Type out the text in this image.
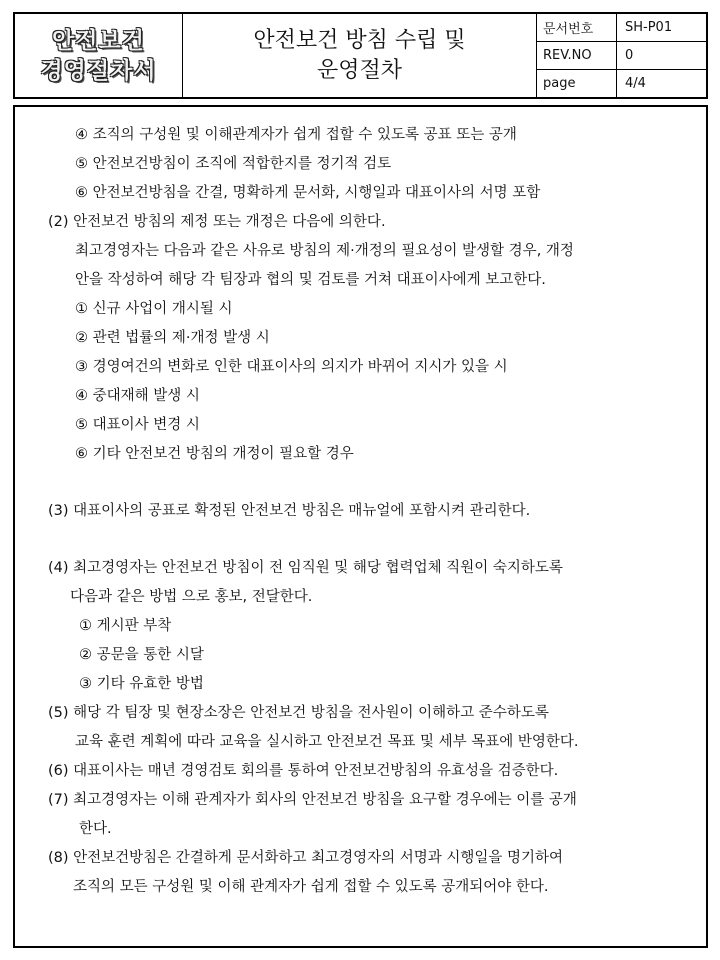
안전보건
경영절차서
안전보건 방침 수립 및
운영절차
문서번호	SH-P01
REV.NO	0
page	4/4
④ 조직의 구성원 및 이해관계자가 쉽게 접할 수 있도록 공표 또는 공개
⑤ 안전보건방침이 조직에 적합한지를 정기적 검토
⑥ 안전보건방침을 간결, 명확하게 문서화, 시행일과 대표이사의 서명 포함
(2) 안전보건 방침의 제정 또는 개정은 다음에 의한다.
최고경영자는 다음과 같은 사유로 방침의 제·개정의 필요성이 발생할 경우, 개정
안을 작성하여 해당 각 팀장과 협의 및 검토를 거쳐 대표이사에게 보고한다.
① 신규 사업이 개시될 시
② 관련 법률의 제·개정 발생 시
③ 경영여건의 변화로 인한 대표이사의 의지가 바뀌어 지시가 있을 시
④ 중대재해 발생 시
⑤ 대표이사 변경 시
⑥ 기타 안전보건 방침의 개정이 필요할 경우
(3) 대표이사의 공표로 확정된 안전보건 방침은 매뉴얼에 포함시켜 관리한다.
(4) 최고경영자는 안전보건 방침이 전 임직원 및 해당 협력업체 직원이 숙지하도록
다음과 같은 방법 으로 홍보, 전달한다.
① 게시판 부착
② 공문을 통한 시달
③ 기타 유효한 방법
(5) 해당 각 팀장 및 현장소장은 안전보건 방침을 전사원이 이해하고 준수하도록
교육 훈련 계획에 따라 교육을 실시하고 안전보건 목표 및 세부 목표에 반영한다.
(6) 대표이사는 매년 경영검토 회의를 통하여 안전보건방침의 유효성을 검증한다.
(7) 최고경영자는 이해 관계자가 회사의 안전보건 방침을 요구할 경우에는 이를 공개
한다.
(8) 안전보건방침은 간결하게 문서화하고 최고경영자의 서명과 시행일을 명기하여
조직의 모든 구성원 및 이해 관계자가 쉽게 접할 수 있도록 공개되어야 한다.
